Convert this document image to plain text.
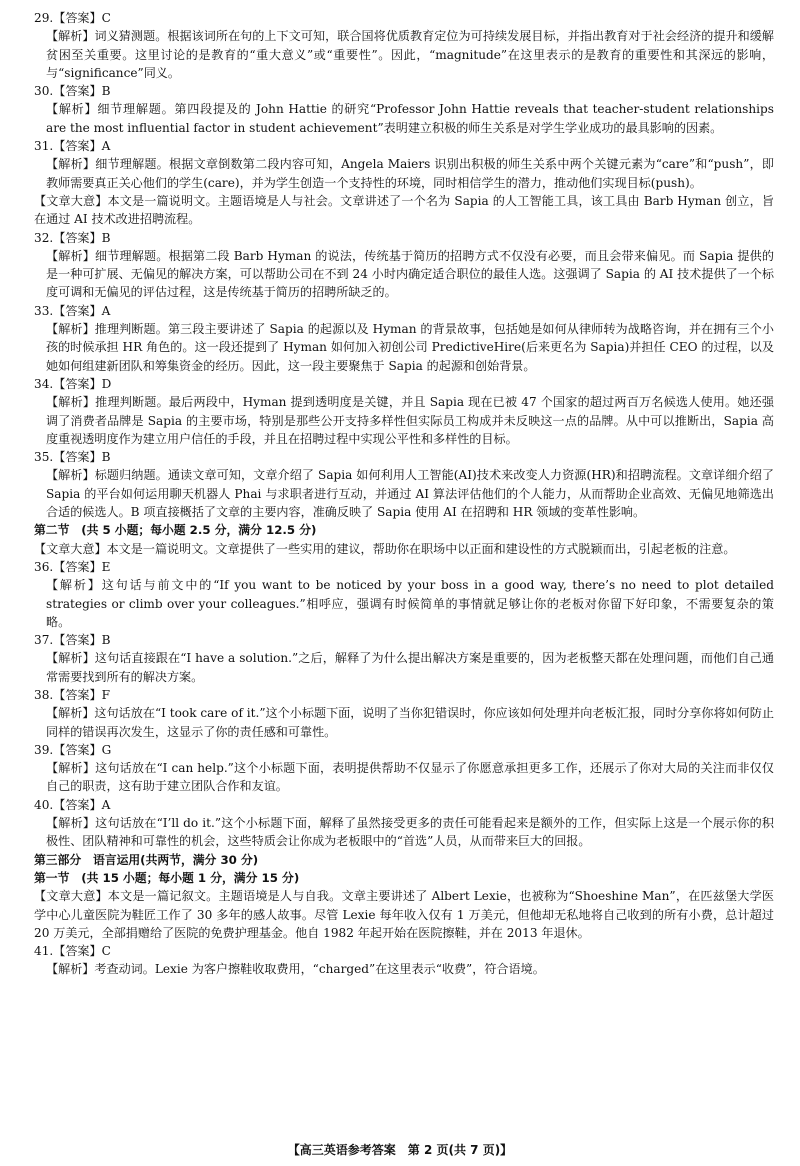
29.【答案】C
【解析】词义猜测题。根据该词所在句的上下文可知，联合国将优质教育定位为可持续发展目标，并指出教育对于社会经济的提升和缓解贫困至关重要。这里讨论的是教育的“重大意义”或“重要性”。因此，“magnitude”在这里表示的是教育的重要性和其深远的影响，与“significance”同义。
30.【答案】B
【解析】细节理解题。第四段提及的 John Hattie 的研究“Professor John Hattie reveals that teacher-student relationships are the most influential factor in student achievement”表明建立积极的师生关系是对学生学业成功的最具影响的因素。
31.【答案】A
【解析】细节理解题。根据文章倒数第二段内容可知，Angela Maiers 识别出积极的师生关系中两个关键元素为“care”和“push”，即教师需要真正关心他们的学生(care)，并为学生创造一个支持性的环境，同时相信学生的潜力，推动他们实现目标(push)。
【文章大意】本文是一篇说明文。主题语境是人与社会。文章讲述了一个名为 Sapia 的人工智能工具，该工具由 Barb Hyman 创立，旨在通过 AI 技术改进招聘流程。
32.【答案】B
【解析】细节理解题。根据第二段 Barb Hyman 的说法，传统基于简历的招聘方式不仅没有必要，而且会带来偏见。而 Sapia 提供的是一种可扩展、无偏见的解决方案，可以帮助公司在不到 24 小时内确定适合职位的最佳人选。这强调了 Sapia 的 AI 技术提供了一个标度可调和无偏见的评估过程，这是传统基于简历的招聘所缺乏的。
33.【答案】A
【解析】推理判断题。第三段主要讲述了 Sapia 的起源以及 Hyman 的背景故事，包括她是如何从律师转为战略咨询，并在拥有三个小孩的时候承担 HR 角色的。这一段还提到了 Hyman 如何加入初创公司 PredictiveHire(后来更名为 Sapia)并担任 CEO 的过程，以及她如何组建新团队和筹集资金的经历。因此，这一段主要聚焦于 Sapia 的起源和创始背景。
34.【答案】D
【解析】推理判断题。最后两段中，Hyman 提到透明度是关键，并且 Sapia 现在已被 47 个国家的超过两百万名候选人使用。她还强调了消费者品牌是 Sapia 的主要市场，特别是那些公开支持多样性但实际员工构成并未反映这一点的品牌。从中可以推断出，Sapia 高度重视透明度作为建立用户信任的手段，并且在招聘过程中实现公平性和多样性的目标。
35.【答案】B
【解析】标题归纳题。通读文章可知，文章介绍了 Sapia 如何利用人工智能(AI)技术来改变人力资源(HR)和招聘流程。文章详细介绍了 Sapia 的平台如何运用聊天机器人 Phai 与求职者进行互动，并通过 AI 算法评估他们的个人能力，从而帮助企业高效、无偏见地筛选出合适的候选人。B 项直接概括了文章的主要内容，准确反映了 Sapia 使用 AI 在招聘和 HR 领域的变革性影响。
第二节　(共 5 小题；每小题 2.5 分，满分 12.5 分)
【文章大意】本文是一篇说明文。文章提供了一些实用的建议，帮助你在职场中以正面和建设性的方式脱颖而出，引起老板的注意。
36.【答案】E
【解析】这句话与前文中的“If you want to be noticed by your boss in a good way, there’s no need to plot detailed strategies or climb over your colleagues.”相呼应，强调有时候简单的事情就足够让你的老板对你留下好印象，不需要复杂的策略。
37.【答案】B
【解析】这句话直接跟在“I have a solution.”之后，解释了为什么提出解决方案是重要的，因为老板整天都在处理问题，而他们自己通常需要找到所有的解决方案。
38.【答案】F
【解析】这句话放在“I took care of it.”这个小标题下面，说明了当你犯错误时，你应该如何处理并向老板汇报，同时分享你将如何防止同样的错误再次发生，这显示了你的责任感和可靠性。
39.【答案】G
【解析】这句话放在“I can help.”这个小标题下面，表明提供帮助不仅显示了你愿意承担更多工作，还展示了你对大局的关注而非仅仅自己的职责，这有助于建立团队合作和友谊。
40.【答案】A
【解析】这句话放在“I’ll do it.”这个小标题下面，解释了虽然接受更多的责任可能看起来是额外的工作，但实际上这是一个展示你的积极性、团队精神和可靠性的机会，这些特质会让你成为老板眼中的“首选”人员，从而带来巨大的回报。
第三部分　语言运用(共两节，满分 30 分)
第一节　(共 15 小题；每小题 1 分，满分 15 分)
【文章大意】本文是一篇记叙文。主题语境是人与自我。文章主要讲述了 Albert Lexie，也被称为“Shoeshine Man”，在匹兹堡大学医学中心儿童医院为鞋匠工作了 30 多年的感人故事。尽管 Lexie 每年收入仅有 1 万美元，但他却无私地将自己收到的所有小费，总计超过 20 万美元，全部捐赠给了医院的免费护理基金。他自 1982 年起开始在医院擦鞋，并在 2013 年退休。
41.【答案】C
【解析】考查动词。Lexie 为客户擦鞋收取费用，“charged”在这里表示“收费”，符合语境。
【高三英语参考答案　第 2 页(共 7 页)】
